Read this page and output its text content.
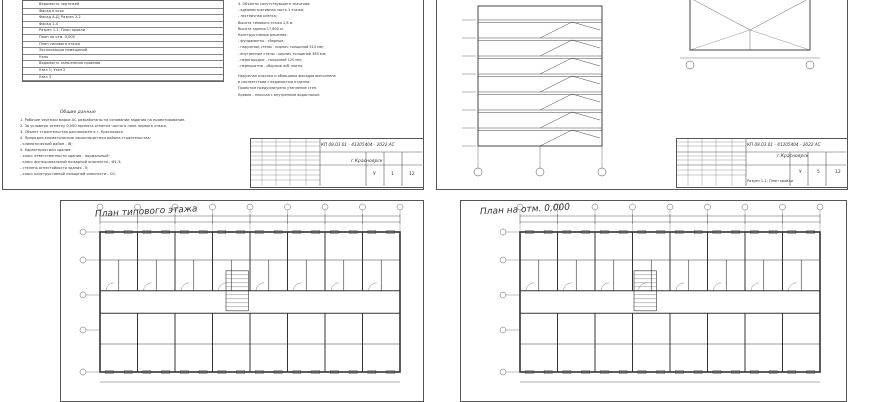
Ведомость чертежей
Фасад в осях
Фасад А-Д; Разрез 2-2
Фасад 1-4
Разрез 1-1; План кровли
План на отм. 0,000
План типового этажа
Экспликация помещений
Узлы
Ведомость заполнения проемов
Узел 1; Узел 2
Узел 3
Общие данные
1. Рабочие чертежи марки АС разработаны на основании задания на проектирование.
2. За условную отметку 0,000 принята отметка чистого пола первого этажа.
3. Объект строительства расположен в г. Красноярск.
4. Природно-климатические характеристики района строительства:
- климатический район - IВ;
5. Характеристики здания:
- класс ответственности здания - нормальный;
- класс функциональной пожарной опасности - Ф1.3;
- степень огнестойкости здания - II;
- класс конструктивной пожарной опасности - С0;
4. Объекты сопутствующего значения:
- административная часть 1 этажа;
- лестничная клетка;
Высота типового этажа 2,8 м.
Высота здания 17,800 м.
Конструктивные решения:
- фундаменты - сборные;
- наружные стены - кирпич толщиной 510 мм;
- внутренние стены - кирпич толщиной 380 мм;
- перегородки - толщиной 120 мм;
- перекрытия - сборные ж/б плиты;
Наружная отделка и облицовка фасадов выполнена
в соответствии с ведомостью отделки.
Проектом предусмотрено утепление стен.
Кровля - плоская с внутренним водостоком.
КП 08.03.01 - 41205404 - 2022 АС
г.Красноярск
У	1	12
КП 08.03.01 - 41205404 - 2022 АС
г.Красноярск
У	5	12
Разрез 1-1; План кровли
План типового этажа	План на отм. 0,000
